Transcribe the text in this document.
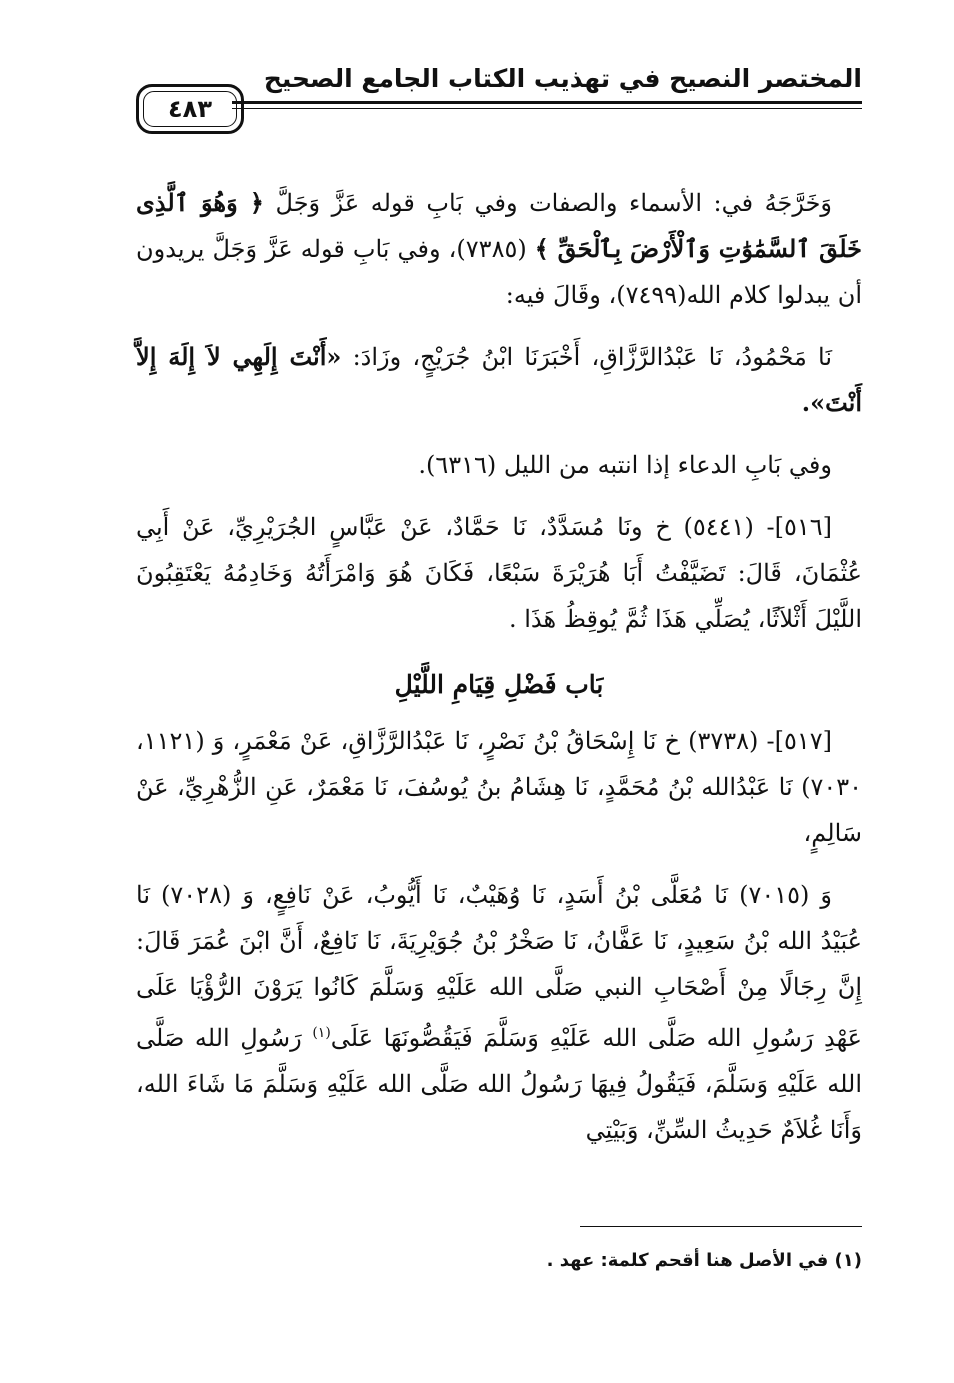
المختصر النصيح في تهذيب الكتاب الجامع الصحيح
٤٨٣

وَخَرَّجَهُ في: الأسماء والصفات وفي بَابِ قوله عَزَّ وَجَلَّ ﴿ وَهُوَ ٱلَّذِى خَلَقَ ٱلسَّمَٰوَٰتِ وَٱلْأَرْضَ بِٱلْحَقِّ ﴾ (٧٣٨٥)، وفي بَابِ قوله عَزَّ وَجَلَّ يريدون أن يبدلوا كلام الله(٧٤٩٩)، وقَالَ فيه:

نَا مَحْمُودُ، نَا عَبْدُالرَّزَّاقِ، أَخْبَرَنَا ابْنُ جُرَيْجٍ، وزَادَ: «أَنْتَ إِلَهِي لاَ إِلَهَ إِلاَّ أَنْتَ».

وفي بَابِ الدعاء إذا انتبه من الليل (٦٣١٦).

[٥١٦]- (٥٤٤١) خ ونَا مُسَدَّدٌ، نَا حَمَّادٌ، عَنْ عَبَّاسٍ الجُرَيْرِيِّ، عَنْ أَبِي عُثْمَانَ، قَالَ: تَضَيَّفْتُ أَبَا هُرَيْرَةَ سَبْعًا، فَكَانَ هُوَ وَامْرَأَتُهُ وَخَادِمُهُ يَعْتَقِبُونَ اللَّيْلَ أَثْلاَثًا، يُصَلِّي هَذَا ثُمَّ يُوقِظُ هَذَا .

بَاب فَضْلِ قِيَامِ اللَّيْلِ

[٥١٧]- (٣٧٣٨) خ نَا إِسْحَاقُ بْنُ نَصْرٍ، نَا عَبْدُالرَّزَّاقِ، عَنْ مَعْمَرٍ، وَ (١١٢١، ٧٠٣٠) نَا عَبْدُالله بْنُ مُحَمَّدٍ، نَا هِشَامُ بنُ يُوسُفَ، نَا مَعْمَرٌ، عَنِ الزُّهْرِيِّ، عَنْ سَالِمٍ،

وَ (٧٠١٥) نَا مُعَلَّى بْنُ أَسَدٍ، نَا وُهَيْبٌ، نَا أَيُّوبُ، عَنْ نَافِعٍ، وَ (٧٠٢٨) نَا عُبَيْدُ الله بْنُ سَعِيدٍ، نَا عَفَّانُ، نَا صَخْرُ بْنُ جُوَيْرِيَةَ، نَا نَافِعٌ، أَنَّ ابْنَ عُمَرَ قَالَ: إِنَّ رِجَالًا مِنْ أَصْحَابِ النبي صَلَّى الله عَلَيْهِ وَسَلَّمَ كَانُوا يَرَوْنَ الرُّؤْيَا عَلَى عَهْدِ رَسُولِ الله صَلَّى الله عَلَيْهِ وَسَلَّمَ فَيَقُصُّونَهَا عَلَى$^{(١)}$ رَسُولِ الله صَلَّى الله عَلَيْهِ وَسَلَّمَ، فَيَقُولُ فِيهَا رَسُولُ الله صَلَّى الله عَلَيْهِ وَسَلَّمَ مَا شَاءَ الله، وَأَنَا غُلاَمٌ حَدِيثُ السِّنِّ، وَبَيْتِي

(١) في الأصل هنا أقحم كلمة: عهد .
